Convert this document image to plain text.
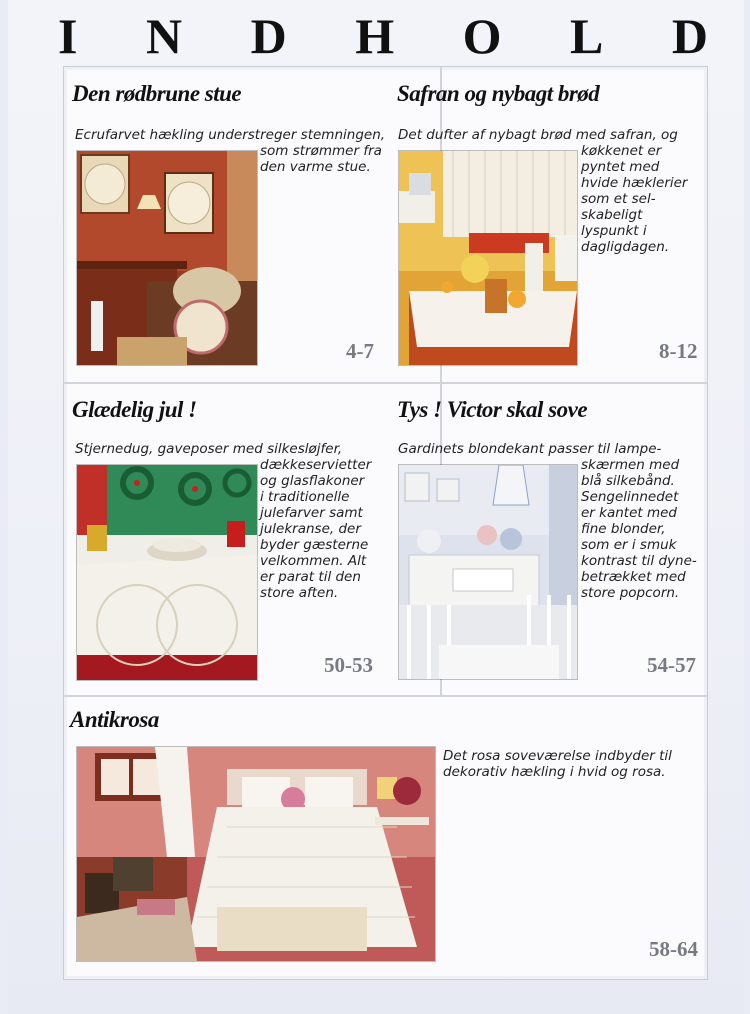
I N D H O L D
Den rødbrune stue
Ecrufarvet hækling understreger stemningen,
som strømmer fra
den varme stue.
4-7
Safran og nybagt brød
Det dufter af nybagt brød med safran, og
køkkenet er
pyntet med
hvide hæklerier
som et sel-
skabeligt
lyspunkt i
dagligdagen.
8-12
Glædelig jul !
Stjernedug, gaveposer med silkesløjfer,
dækkeservietter
og glasflakoner
i traditionelle
julefarver samt
julekranse, der
byder gæsterne
velkommen. Alt
er parat til den
store aften.
50-53
Tys ! Victor skal sove
Gardinets blondekant passer til lampe-
skærmen med
blå silkebånd.
Sengelinnedet
er kantet med
fine blonder,
som er i smuk
kontrast til dyne-
betrækket med
store popcorn.
54-57
Antikrosa
Det rosa soveværelse indbyder til
dekorativ hækling i hvid og rosa.
58-64
